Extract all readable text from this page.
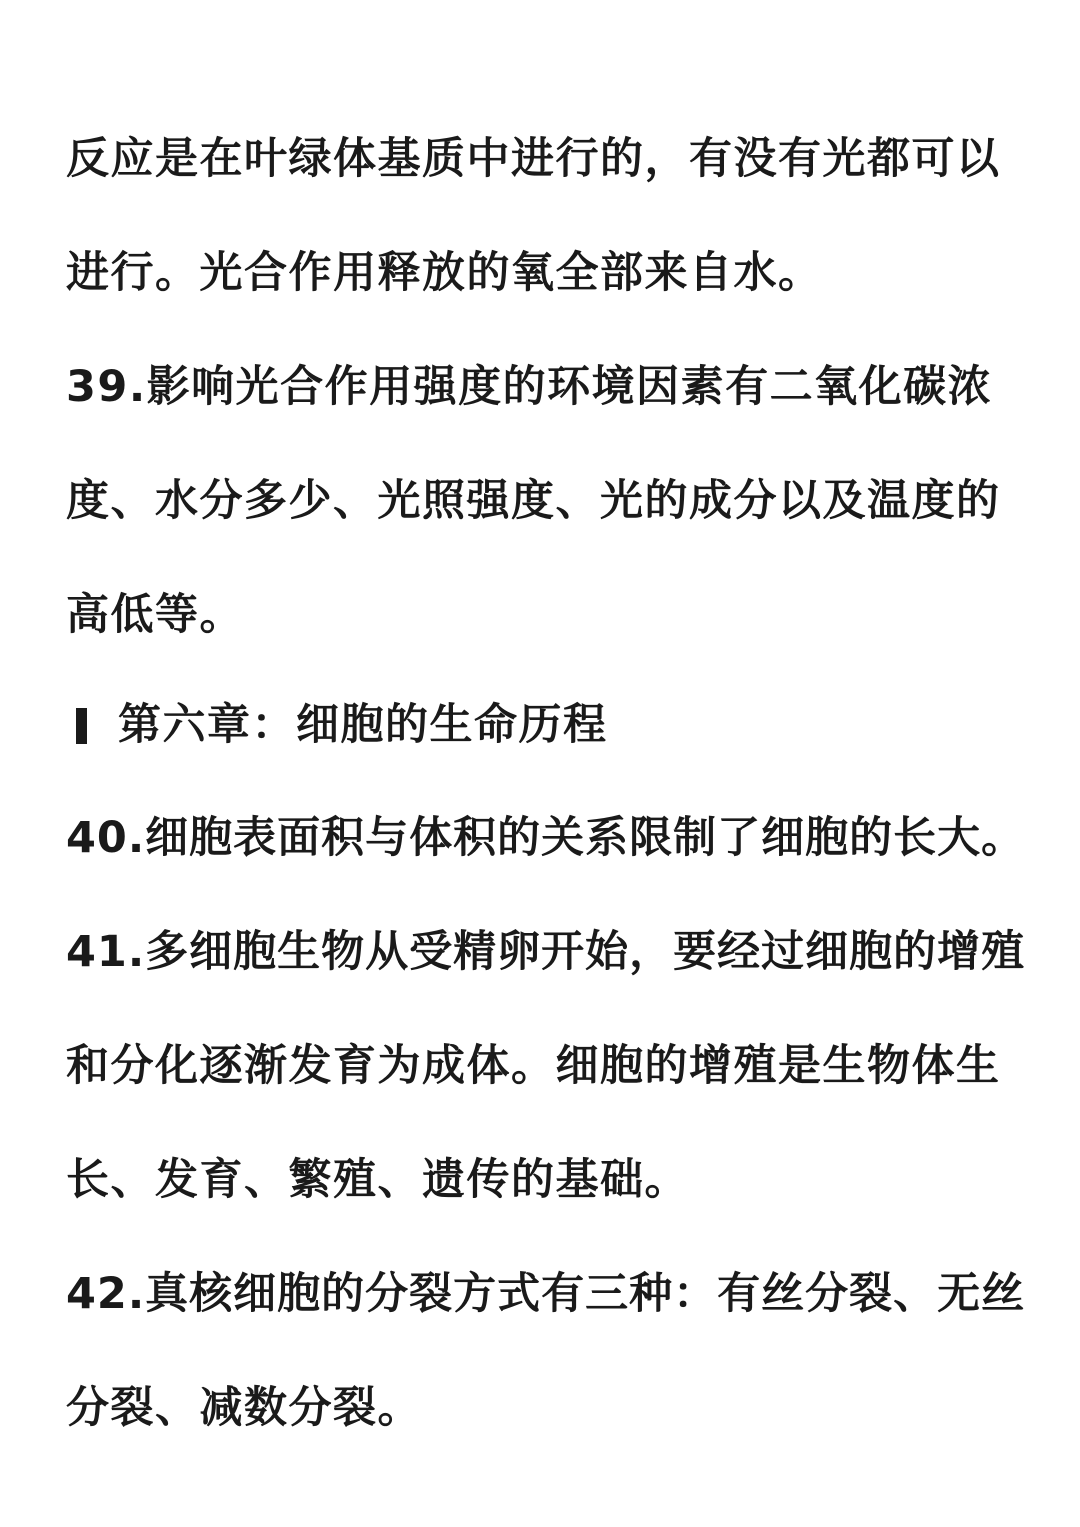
反应是在叶绿体基质中进行的，有没有光都可以
进行。光合作用释放的氧全部来自水。
39.影响光合作用强度的环境因素有二氧化碳浓
度、水分多少、光照强度、光的成分以及温度的
高低等。
第六章：细胞的生命历程
40.细胞表面积与体积的关系限制了细胞的长大。
41.多细胞生物从受精卵开始，要经过细胞的增殖
和分化逐渐发育为成体。细胞的增殖是生物体生
长、发育、繁殖、遗传的基础。
42.真核细胞的分裂方式有三种：有丝分裂、无丝
分裂、减数分裂。
